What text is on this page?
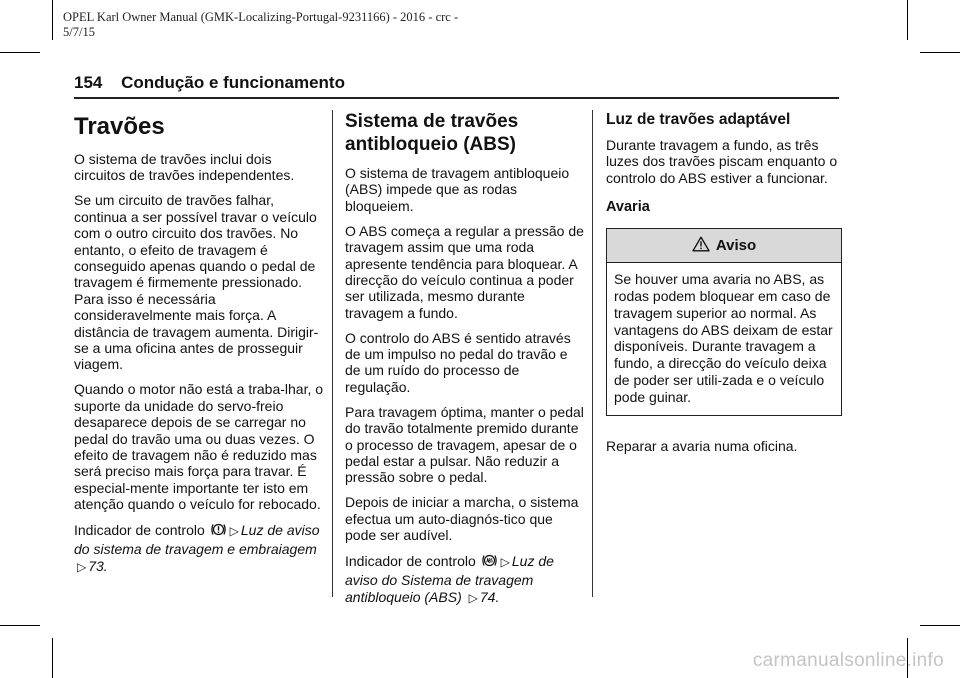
OPEL Karl Owner Manual (GMK-Localizing-Portugal-9231166) - 2016 - crc -
5/7/15
154 Condução e funcionamento
Travões

O sistema de travões inclui dois circuitos de travões independentes.

Se um circuito de travões falhar, continua a ser possível travar o veículo com o outro circuito dos travões. No entanto, o efeito de travagem é conseguido apenas quando o pedal de travagem é firmemente pressionado. Para isso é necessária consideravelmente mais força. A distância de travagem aumenta. Dirigir-se a uma oficina antes de prosseguir viagem.

Quando o motor não está a traba-lhar, o suporte da unidade do servo-freio desaparece depois de se carregar no pedal do travão uma ou duas vezes. O efeito de travagem não é reduzido mas será preciso mais força para travar. É especial-mente importante ter isto em atenção quando o veículo for rebocado.

Indicador de controlo ▷ Luz de aviso do sistema de travagem e embraiagem ▷ 73.

Sistema de travões antibloqueio (ABS)

O sistema de travagem antibloqueio (ABS) impede que as rodas bloqueiem.

O ABS começa a regular a pressão de travagem assim que uma roda apresente tendência para bloquear. A direcção do veículo continua a poder ser utilizada, mesmo durante travagem a fundo.

O controlo do ABS é sentido através de um impulso no pedal do travão e de um ruído do processo de regulação.

Para travagem óptima, manter o pedal do travão totalmente premido durante o processo de travagem, apesar de o pedal estar a pulsar. Não reduzir a pressão sobre o pedal.

Depois de iniciar a marcha, o sistema efectua um auto-diagnós-tico que pode ser audível.

Indicador de controlo ▷ Luz de aviso do Sistema de travagem antibloqueio (ABS) ▷ 74.

Luz de travões adaptável

Durante travagem a fundo, as três luzes dos travões piscam enquanto o controlo do ABS estiver a funcionar.

Avaria
Aviso
Se houver uma avaria no ABS, as rodas podem bloquear em caso de travagem superior ao normal. As vantagens do ABS deixam de estar disponíveis. Durante travagem a fundo, a direcção do veículo deixa de poder ser utili-zada e o veículo pode guinar.

Reparar a avaria numa oficina.

carmanualsonline.info
